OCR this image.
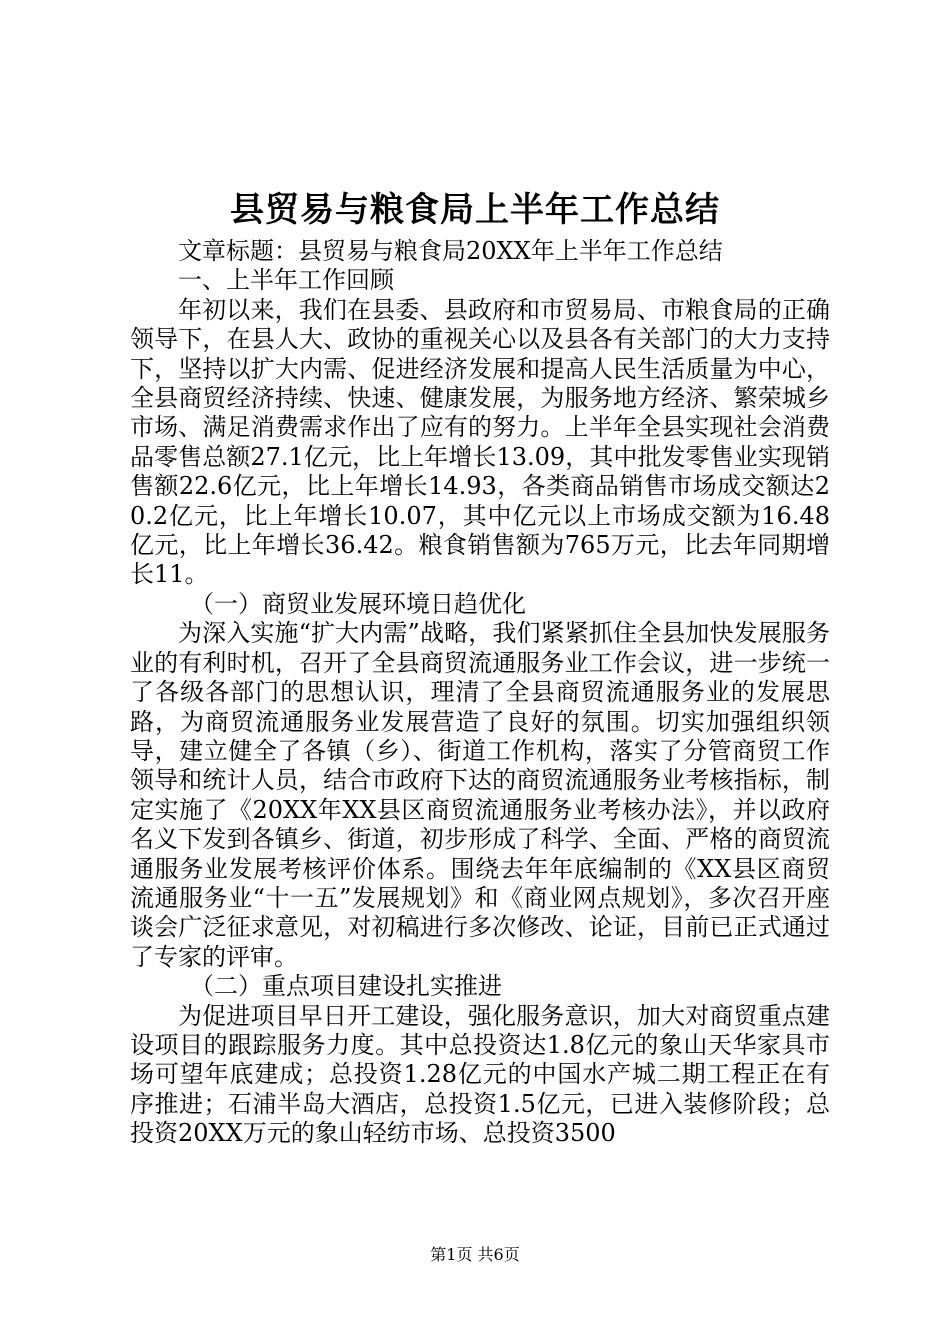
县贸易与粮食局上半年工作总结

文章标题：县贸易与粮食局20XX年上半年工作总结

一、上半年工作回顾

年初以来，我们在县委、县政府和市贸易局、市粮食局的正确领导下，在县人大、政协的重视关心以及县各有关部门的大力支持下，坚持以扩大内需、促进经济发展和提高人民生活质量为中心，全县商贸经济持续、快速、健康发展，为服务地方经济、繁荣城乡市场、满足消费需求作出了应有的努力。上半年全县实现社会消费品零售总额27.1亿元，比上年增长13.09，其中批发零售业实现销售额22.6亿元，比上年增长14.93，各类商品销售市场成交额达20.2亿元，比上年增长10.07，其中亿元以上市场成交额为16.48亿元，比上年增长36.42。粮食销售额为765万元，比去年同期增长11。

（一）商贸业发展环境日趋优化

为深入实施“扩大内需”战略，我们紧紧抓住全县加快发展服务业的有利时机，召开了全县商贸流通服务业工作会议，进一步统一了各级各部门的思想认识，理清了全县商贸流通服务业的发展思路，为商贸流通服务业发展营造了良好的氛围。切实加强组织领导，建立健全了各镇（乡）、街道工作机构，落实了分管商贸工作领导和统计人员，结合市政府下达的商贸流通服务业考核指标，制定实施了《20XX年XX县区商贸流通服务业考核办法》，并以政府名义下发到各镇乡、街道，初步形成了科学、全面、严格的商贸流通服务业发展考核评价体系。围绕去年年底编制的《XX县区商贸流通服务业“十一五”发展规划》和《商业网点规划》，多次召开座谈会广泛征求意见，对初稿进行多次修改、论证，目前已正式通过了专家的评审。

（二）重点项目建设扎实推进

为促进项目早日开工建设，强化服务意识，加大对商贸重点建设项目的跟踪服务力度。其中总投资达1.8亿元的象山天华家具市场可望年底建成；总投资1.28亿元的中国水产城二期工程正在有序推进；石浦半岛大酒店，总投资1.5亿元，已进入装修阶段；总投资20XX万元的象山轻纺市场、总投资3500

第1页 共6页
